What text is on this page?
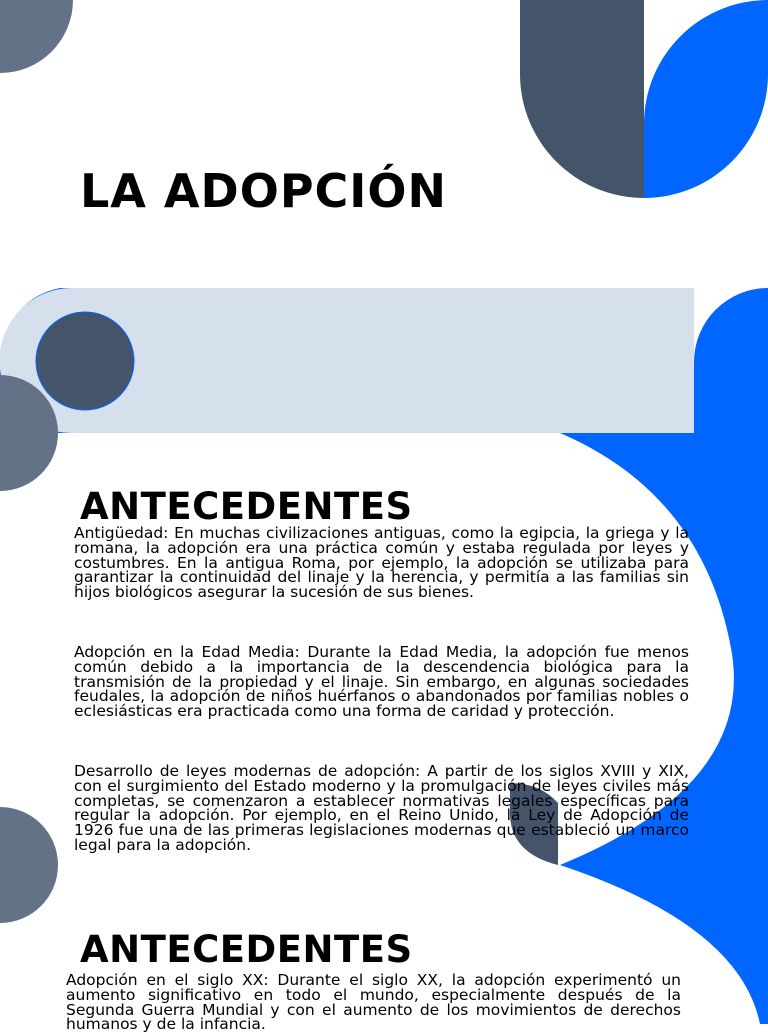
LA ADOPCIÓN
ANTECEDENTES

Antigüedad: En muchas civilizaciones antiguas, como la egipcia, la griega y la romana, la adopción era una práctica común y estaba regulada por leyes y costumbres. En la antigua Roma, por ejemplo, la adopción se utilizaba para garantizar la continuidad del linaje y la herencia, y permitía a las familias sin hijos biológicos asegurar la sucesión de sus bienes.

Adopción en la Edad Media: Durante la Edad Media, la adopción fue menos común debido a la importancia de la descendencia biológica para la transmisión de la propiedad y el linaje. Sin embargo, en algunas sociedades feudales, la adopción de niños huérfanos o abandonados por familias nobles o eclesiásticas era practicada como una forma de caridad y protección.

Desarrollo de leyes modernas de adopción: A partir de los siglos XVIII y XIX, con el surgimiento del Estado moderno y la promulgación de leyes civiles más completas, se comenzaron a establecer normativas legales específicas para regular la adopción. Por ejemplo, en el Reino Unido, la Ley de Adopción de 1926 fue una de las primeras legislaciones modernas que estableció un marco legal para la adopción.

ANTECEDENTES

Adopción en el siglo XX: Durante el siglo XX, la adopción experimentó un aumento significativo en todo el mundo, especialmente después de la Segunda Guerra Mundial y con el aumento de los movimientos de derechos humanos y de la infancia.
